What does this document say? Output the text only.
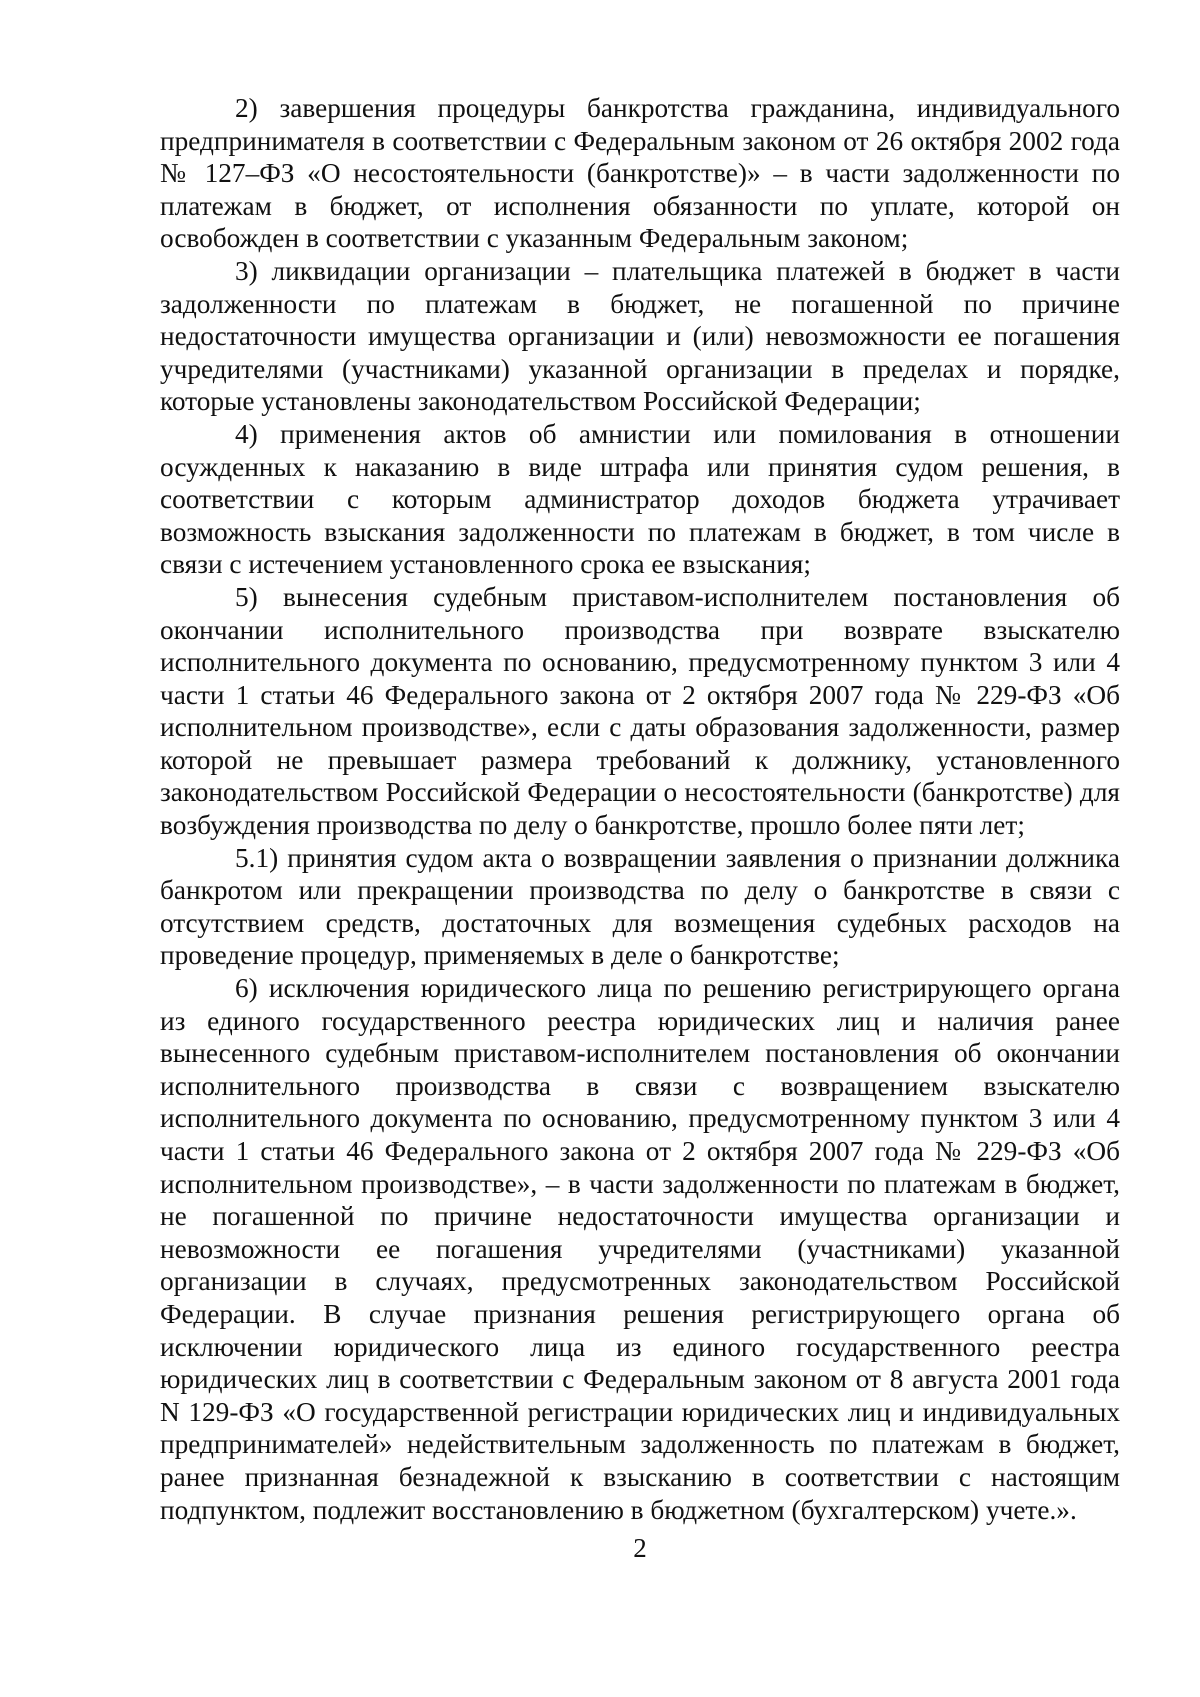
2) завершения процедуры банкротства гражданина, индивидуального предпринимателя в соответствии с Федеральным законом от 26 октября 2002 года № 127–ФЗ «О несостоятельности (банкротстве)» – в части задолженности по платежам в бюджет, от исполнения обязанности по уплате, которой он освобожден в соответствии с указанным Федеральным законом;

3) ликвидации организации – плательщика платежей в бюджет в части задолженности по платежам в бюджет, не погашенной по причине недостаточности имущества организации и (или) невозможности ее погашения учредителями (участниками) указанной организации в пределах и порядке, которые установлены законодательством Российской Федерации;

4) применения актов об амнистии или помилования в отношении осужденных к наказанию в виде штрафа или принятия судом решения, в соответствии с которым администратор доходов бюджета утрачивает возможность взыскания задолженности по платежам в бюджет, в том числе в связи с истечением установленного срока ее взыскания;

5) вынесения судебным приставом-исполнителем постановления об окончании исполнительного производства при возврате взыскателю исполнительного документа по основанию, предусмотренному пунктом 3 или 4 части 1 статьи 46 Федерального закона от 2 октября 2007 года № 229-ФЗ «Об исполнительном производстве», если с даты образования задолженности, размер которой не превышает размера требований к должнику, установленного законодательством Российской Федерации о несостоятельности (банкротстве) для возбуждения производства по делу о банкротстве, прошло более пяти лет;

5.1) принятия судом акта о возвращении заявления о признании должника банкротом или прекращении производства по делу о банкротстве в связи с отсутствием средств, достаточных для возмещения судебных расходов на проведение процедур, применяемых в деле о банкротстве;

6) исключения юридического лица по решению регистрирующего органа из единого государственного реестра юридических лиц и наличия ранее вынесенного судебным приставом-исполнителем постановления об окончании исполнительного производства в связи с возвращением взыскателю исполнительного документа по основанию, предусмотренному пунктом 3 или 4 части 1 статьи 46 Федерального закона от 2 октября 2007 года № 229-ФЗ «Об исполнительном производстве», – в части задолженности по платежам в бюджет, не погашенной по причине недостаточности имущества организации и невозможности ее погашения учредителями (участниками) указанной организации в случаях, предусмотренных законодательством Российской Федерации. В случае признания решения регистрирующего органа об исключении юридического лица из единого государственного реестра юридических лиц в соответствии с Федеральным законом от 8 августа 2001 года N 129-ФЗ «О государственной регистрации юридических лиц и индивидуальных предпринимателей» недействительным задолженность по платежам в бюджет, ранее признанная безнадежной к взысканию в соответствии с настоящим подпунктом, подлежит восстановлению в бюджетном (бухгалтерском) учете.».

2
